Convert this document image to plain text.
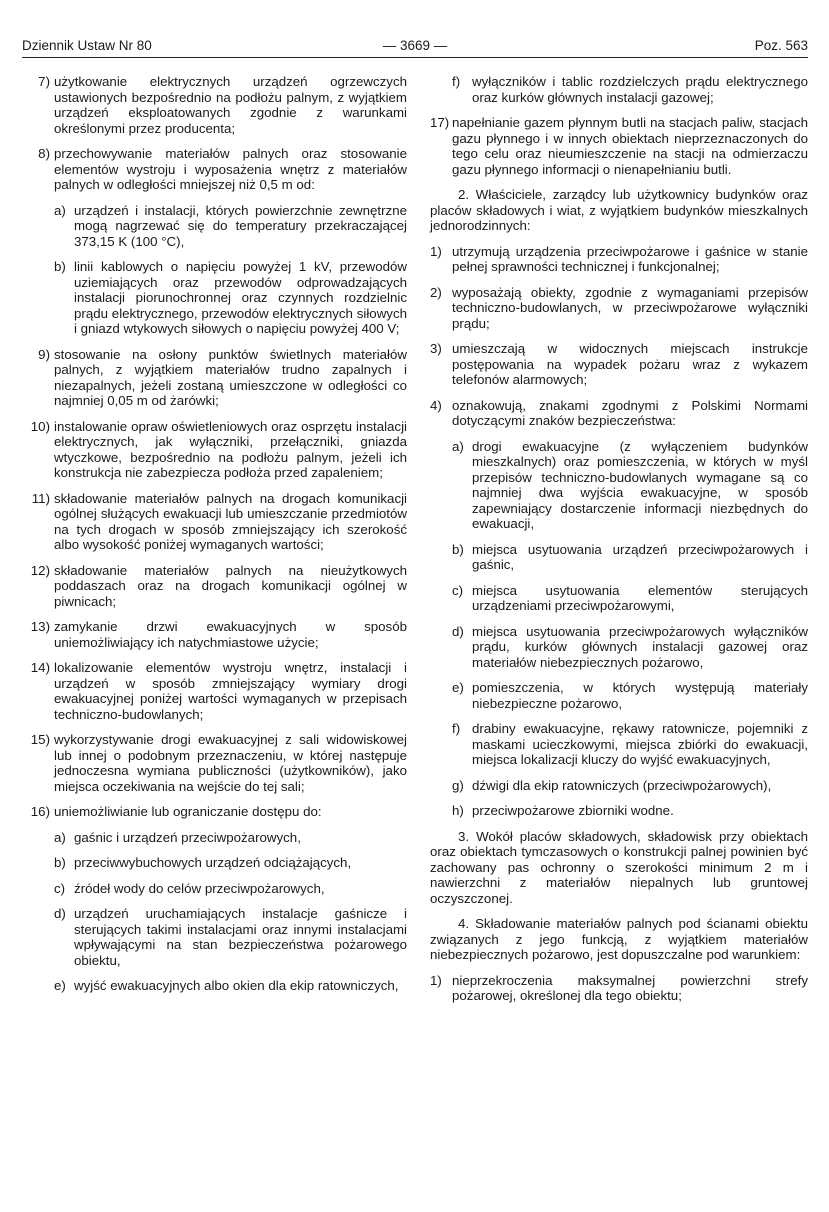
Dziennik Ustaw Nr 80	— 3669 —	Poz. 563
7) użytkowanie elektrycznych urządzeń ogrzewczych ustawionych bezpośrednio na podłożu palnym, z wyjątkiem urządzeń eksploatowanych zgodnie z warunkami określonymi przez producenta;
8) przechowywanie materiałów palnych oraz stosowanie elementów wystroju i wyposażenia wnętrz z materiałów palnych w odległości mniejszej niż 0,5 m od:
a) urządzeń i instalacji, których powierzchnie zewnętrzne mogą nagrzewać się do temperatury przekraczającej 373,15 K (100 °C),
b) linii kablowych o napięciu powyżej 1 kV, przewodów uziemiających oraz przewodów odprowadzających instalacji piorunochronnej oraz czynnych rozdzielnic prądu elektrycznego, przewodów elektrycznych siłowych i gniazd wtykowych siłowych o napięciu powyżej 400 V;
9) stosowanie na osłony punktów świetlnych materiałów palnych, z wyjątkiem materiałów trudno zapalnych i niezapalnych, jeżeli zostaną umieszczone w odległości co najmniej 0,05 m od żarówki;
10) instalowanie opraw oświetleniowych oraz osprzętu instalacji elektrycznych, jak wyłączniki, przełączniki, gniazda wtyczkowe, bezpośrednio na podłożu palnym, jeżeli ich konstrukcja nie zabezpiecza podłoża przed zapaleniem;
11) składowanie materiałów palnych na drogach komunikacji ogólnej służących ewakuacji lub umieszczanie przedmiotów na tych drogach w sposób zmniejszający ich szerokość albo wysokość poniżej wymaganych wartości;
12) składowanie materiałów palnych na nieużytkowych poddaszach oraz na drogach komunikacji ogólnej w piwnicach;
13) zamykanie drzwi ewakuacyjnych w sposób uniemożliwiający ich natychmiastowe użycie;
14) lokalizowanie elementów wystroju wnętrz, instalacji i urządzeń w sposób zmniejszający wymiary drogi ewakuacyjnej poniżej wartości wymaganych w przepisach techniczno-budowlanych;
15) wykorzystywanie drogi ewakuacyjnej z sali widowiskowej lub innej o podobnym przeznaczeniu, w której następuje jednoczesna wymiana publiczności (użytkowników), jako miejsca oczekiwania na wejście do tej sali;
16) uniemożliwianie lub ograniczanie dostępu do:
a) gaśnic i urządzeń przeciwpożarowych,
b) przeciwwybuchowych urządzeń odciążających,
c) źródeł wody do celów przeciwpożarowych,
d) urządzeń uruchamiających instalacje gaśnicze i sterujących takimi instalacjami oraz innymi instalacjami wpływającymi na stan bezpieczeństwa pożarowego obiektu,
e) wyjść ewakuacyjnych albo okien dla ekip ratowniczych,
f) wyłączników i tablic rozdzielczych prądu elektrycznego oraz kurków głównych instalacji gazowej;
17) napełnianie gazem płynnym butli na stacjach paliw, stacjach gazu płynnego i w innych obiektach nieprzeznaczonych do tego celu oraz nieumieszczenie na stacji na odmierzaczu gazu płynnego informacji o nienapełnianiu butli.

2. Właściciele, zarządcy lub użytkownicy budynków oraz placów składowych i wiat, z wyjątkiem budynków mieszkalnych jednorodzinnych:

1) utrzymują urządzenia przeciwpożarowe i gaśnice w stanie pełnej sprawności technicznej i funkcjonalnej;
2) wyposażają obiekty, zgodnie z wymaganiami przepisów techniczno-budowlanych, w przeciwpożarowe wyłączniki prądu;
3) umieszczają w widocznych miejscach instrukcje postępowania na wypadek pożaru wraz z wykazem telefonów alarmowych;
4) oznakowują, znakami zgodnymi z Polskimi Normami dotyczącymi znaków bezpieczeństwa:
a) drogi ewakuacyjne (z wyłączeniem budynków mieszkalnych) oraz pomieszczenia, w których w myśl przepisów techniczno-budowlanych wymagane są co najmniej dwa wyjścia ewakuacyjne, w sposób zapewniający dostarczenie informacji niezbędnych do ewakuacji,
b) miejsca usytuowania urządzeń przeciwpożarowych i gaśnic,
c) miejsca usytuowania elementów sterujących urządzeniami przeciwpożarowymi,
d) miejsca usytuowania przeciwpożarowych wyłączników prądu, kurków głównych instalacji gazowej oraz materiałów niebezpiecznych pożarowo,
e) pomieszczenia, w których występują materiały niebezpieczne pożarowo,
f) drabiny ewakuacyjne, rękawy ratownicze, pojemniki z maskami ucieczkowymi, miejsca zbiórki do ewakuacji, miejsca lokalizacji kluczy do wyjść ewakuacyjnych,
g) dźwigi dla ekip ratowniczych (przeciwpożarowych),
h) przeciwpożarowe zbiorniki wodne.

3. Wokół placów składowych, składowisk przy obiektach oraz obiektach tymczasowych o konstrukcji palnej powinien być zachowany pas ochronny o szerokości minimum 2 m i nawierzchni z materiałów niepalnych lub gruntowej oczyszczonej.

4. Składowanie materiałów palnych pod ścianami obiektu związanych z jego funkcją, z wyjątkiem materiałów niebezpiecznych pożarowo, jest dopuszczalne pod warunkiem:

1) nieprzekroczenia maksymalnej powierzchni strefy pożarowej, określonej dla tego obiektu;
